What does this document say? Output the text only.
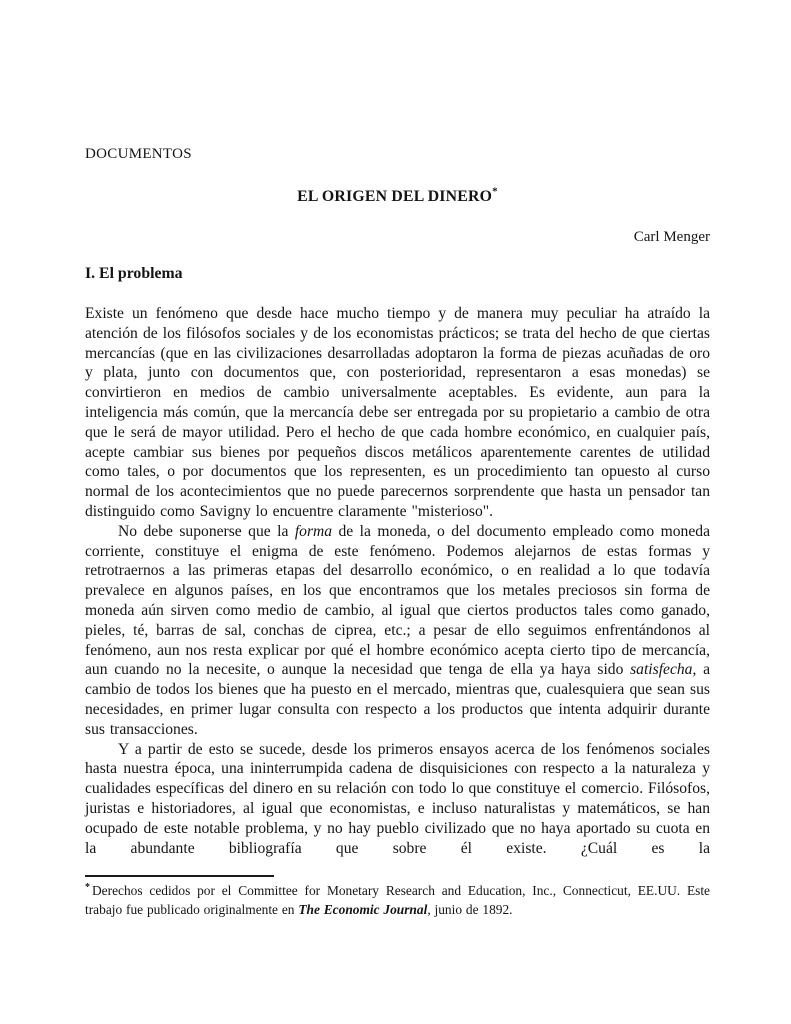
DOCUMENTOS
EL ORIGEN DEL DINERO*
Carl Menger
I. El problema

Existe un fenómeno que desde hace mucho tiempo y de manera muy peculiar ha atraído la atención de los filósofos sociales y de los economistas prácticos; se trata del hecho de que ciertas mercancías (que en las civilizaciones desarrolladas adoptaron la forma de piezas acuñadas de oro y plata, junto con documentos que, con posterioridad, representaron a esas monedas) se convirtieron en medios de cambio universalmente aceptables. Es evidente, aun para la inteligencia más común, que la mercancía debe ser entregada por su propietario a cambio de otra que le será de mayor utilidad. Pero el hecho de que cada hombre económico, en cualquier país, acepte cambiar sus bienes por pequeños discos metálicos aparentemente carentes de utilidad como tales, o por documentos que los representen, es un procedimiento tan opuesto al curso normal de los acontecimientos que no puede parecernos sorprendente que hasta un pensador tan distinguido como Savigny lo encuentre claramente "misterioso".

No debe suponerse que la forma de la moneda, o del documento empleado como moneda corriente, constituye el enigma de este fenómeno. Podemos alejarnos de estas formas y retrotraernos a las primeras etapas del desarrollo económico, o en realidad a lo que todavía prevalece en algunos países, en los que encontramos que los metales preciosos sin forma de moneda aún sirven como medio de cambio, al igual que ciertos productos tales como ganado, pieles, té, barras de sal, conchas de ciprea, etc.; a pesar de ello seguimos enfrentándonos al fenómeno, aun nos resta explicar por qué el hombre económico acepta cierto tipo de mercancía, aun cuando no la necesite, o aunque la necesidad que tenga de ella ya haya sido satisfecha, a cambio de todos los bienes que ha puesto en el mercado, mientras que, cualesquiera que sean sus necesidades, en primer lugar consulta con respecto a los productos que intenta adquirir durante sus transacciones.

Y a partir de esto se sucede, desde los primeros ensayos acerca de los fenómenos sociales hasta nuestra época, una ininterrumpida cadena de disquisiciones con respecto a la naturaleza y cualidades específicas del dinero en su relación con todo lo que constituye el comercio. Filósofos, juristas e historiadores, al igual que economistas, e incluso naturalistas y matemáticos, se han ocupado de este notable problema, y no hay pueblo civilizado que no haya aportado su cuota en la abundante bibliografía que sobre él existe. ¿Cuál es la

* Derechos cedidos por el Committee for Monetary Research and Education, Inc., Connecticut, EE.UU. Este trabajo fue publicado originalmente en The Economic Journal, junio de 1892.
